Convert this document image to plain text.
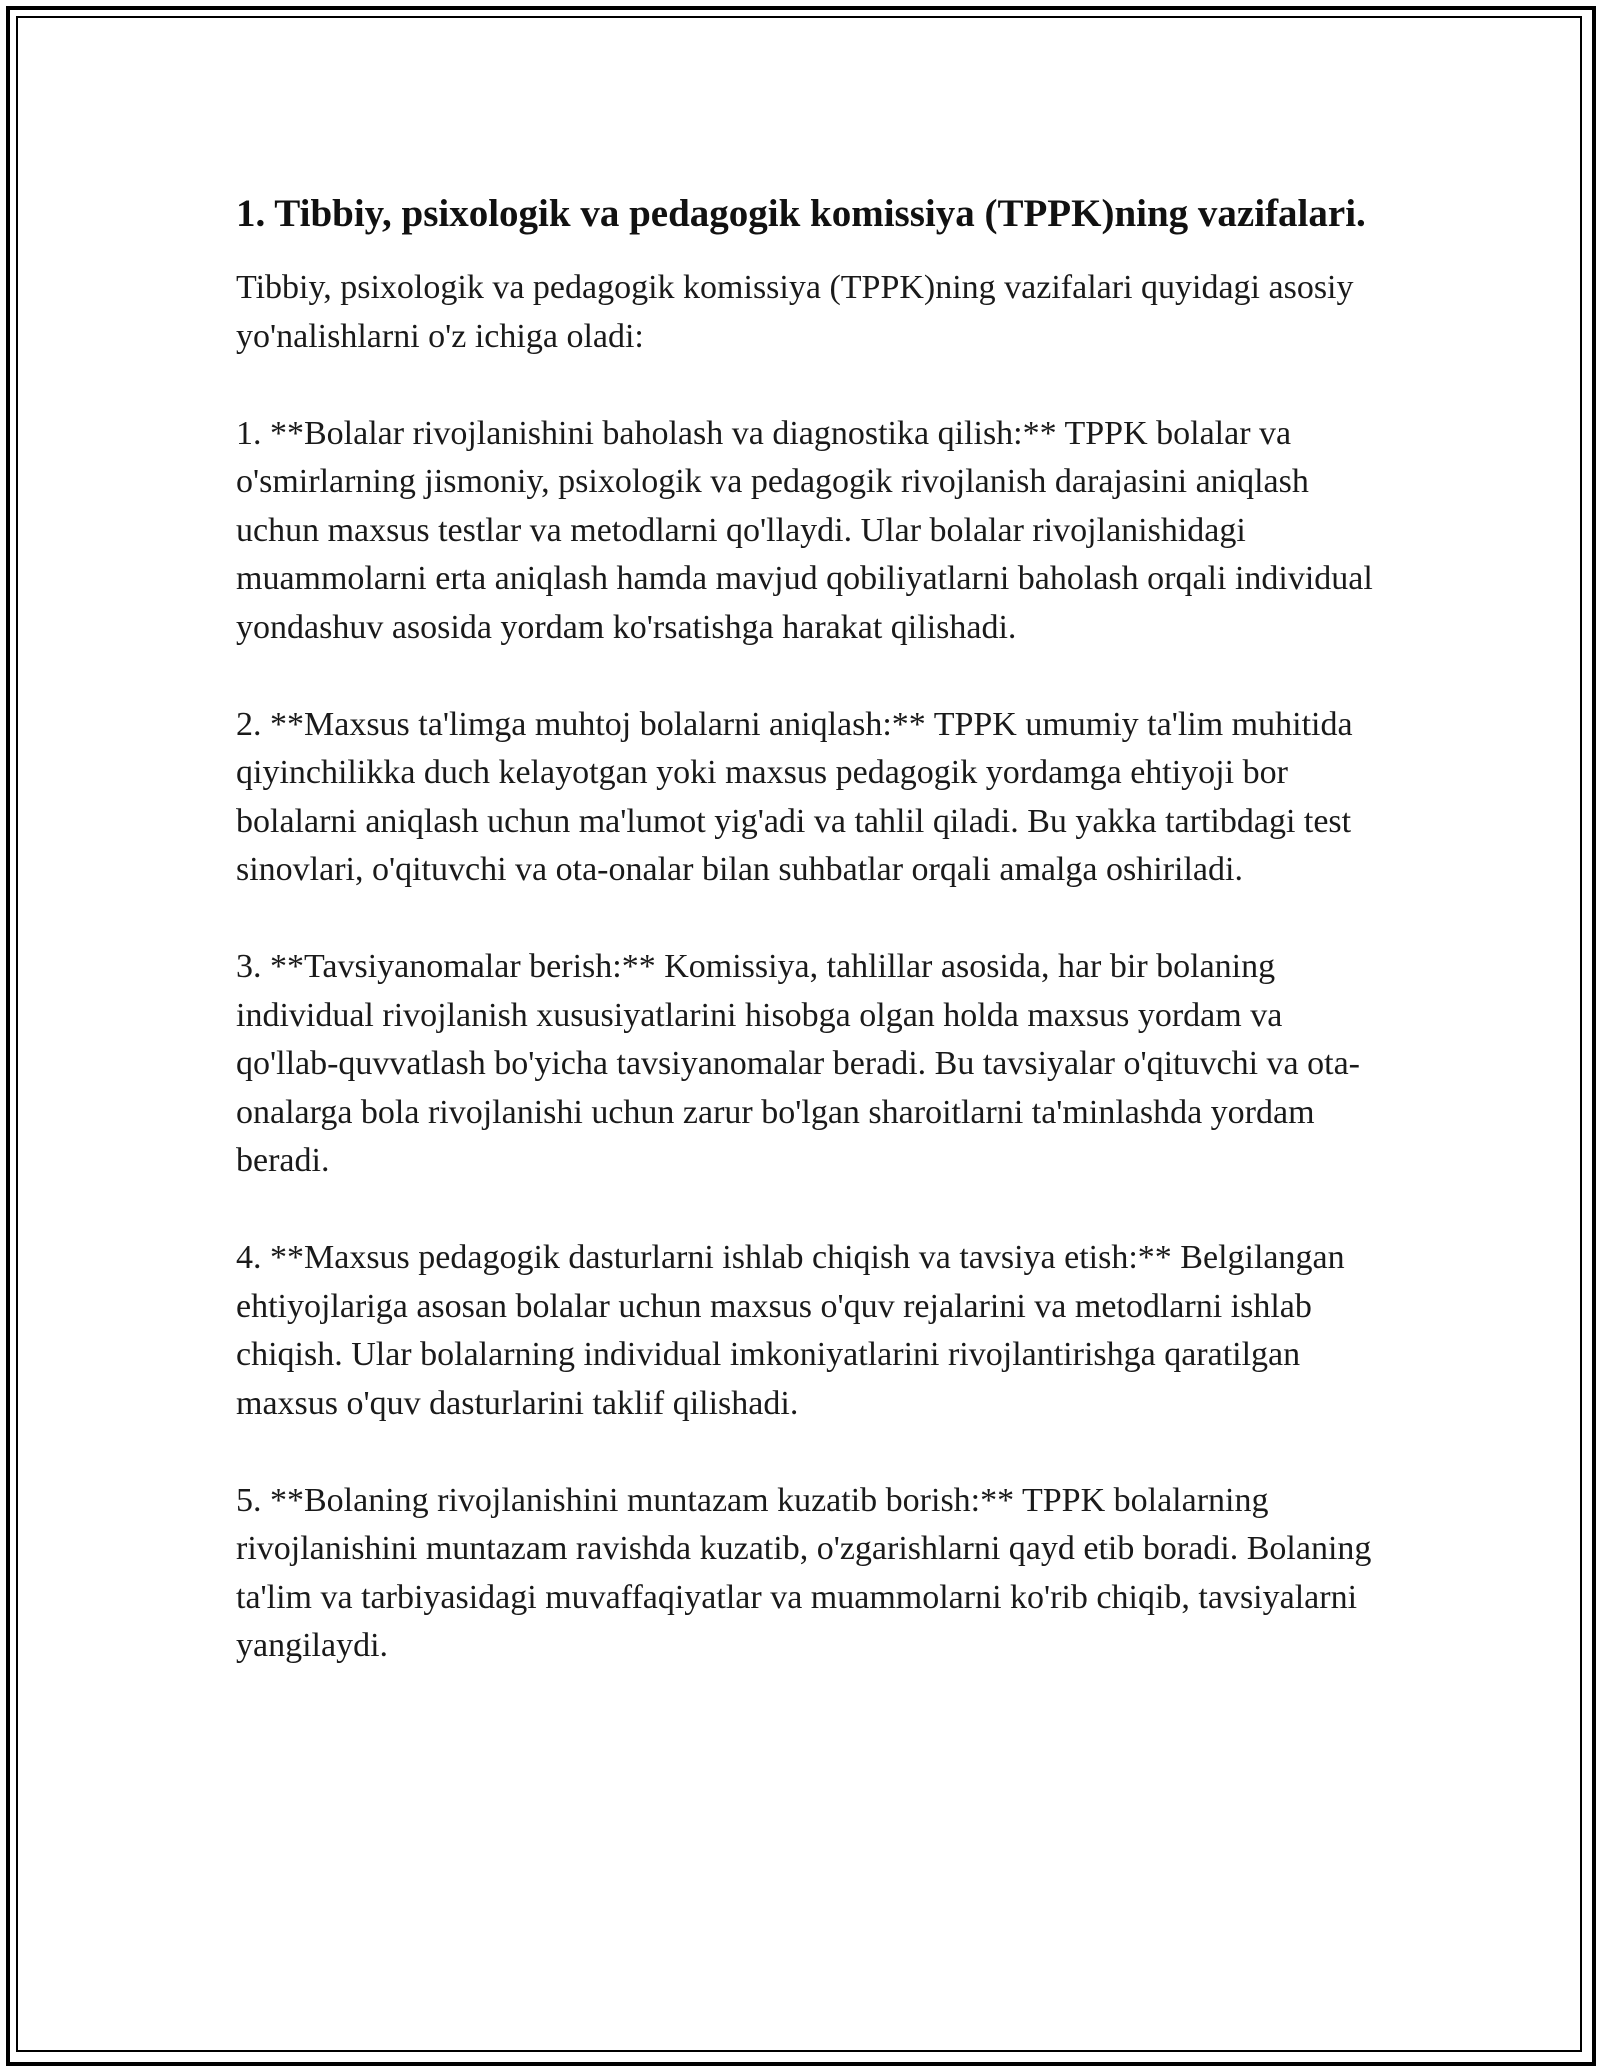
1. Tibbiy, psixologik va pedagogik komissiya (TPPK)ning vazifalari.

Tibbiy, psixologik va pedagogik komissiya (TPPK)ning vazifalari quyidagi asosiy yo'nalishlarni o'z ichiga oladi:

1. **Bolalar rivojlanishini baholash va diagnostika qilish:** TPPK bolalar va o'smirlarning jismoniy, psixologik va pedagogik rivojlanish darajasini aniqlash uchun maxsus testlar va metodlarni qo'llaydi. Ular bolalar rivojlanishidagi muammolarni erta aniqlash hamda mavjud qobiliyatlarni baholash orqali individual yondashuv asosida yordam ko'rsatishga harakat qilishadi.

2. **Maxsus ta'limga muhtoj bolalarni aniqlash:** TPPK umumiy ta'lim muhitida qiyinchilikka duch kelayotgan yoki maxsus pedagogik yordamga ehtiyoji bor bolalarni aniqlash uchun ma'lumot yig'adi va tahlil qiladi. Bu yakka tartibdagi test sinovlari, o'qituvchi va ota-onalar bilan suhbatlar orqali amalga oshiriladi.

3. **Tavsiyanomalar berish:** Komissiya, tahlillar asosida, har bir bolaning individual rivojlanish xususiyatlarini hisobga olgan holda maxsus yordam va qo'llab-quvvatlash bo'yicha tavsiyanomalar beradi. Bu tavsiyalar o'qituvchi va ota-onalarga bola rivojlanishi uchun zarur bo'lgan sharoitlarni ta'minlashda yordam beradi.

4. **Maxsus pedagogik dasturlarni ishlab chiqish va tavsiya etish:** Belgilangan ehtiyojlariga asosan bolalar uchun maxsus o'quv rejalarini va metodlarni ishlab chiqish. Ular bolalarning individual imkoniyatlarini rivojlantirishga qaratilgan maxsus o'quv dasturlarini taklif qilishadi.

5. **Bolaning rivojlanishini muntazam kuzatib borish:** TPPK bolalarning rivojlanishini muntazam ravishda kuzatib, o'zgarishlarni qayd etib boradi. Bolaning ta'lim va tarbiyasidagi muvaffaqiyatlar va muammolarni ko'rib chiqib, tavsiyalarni yangilaydi.
